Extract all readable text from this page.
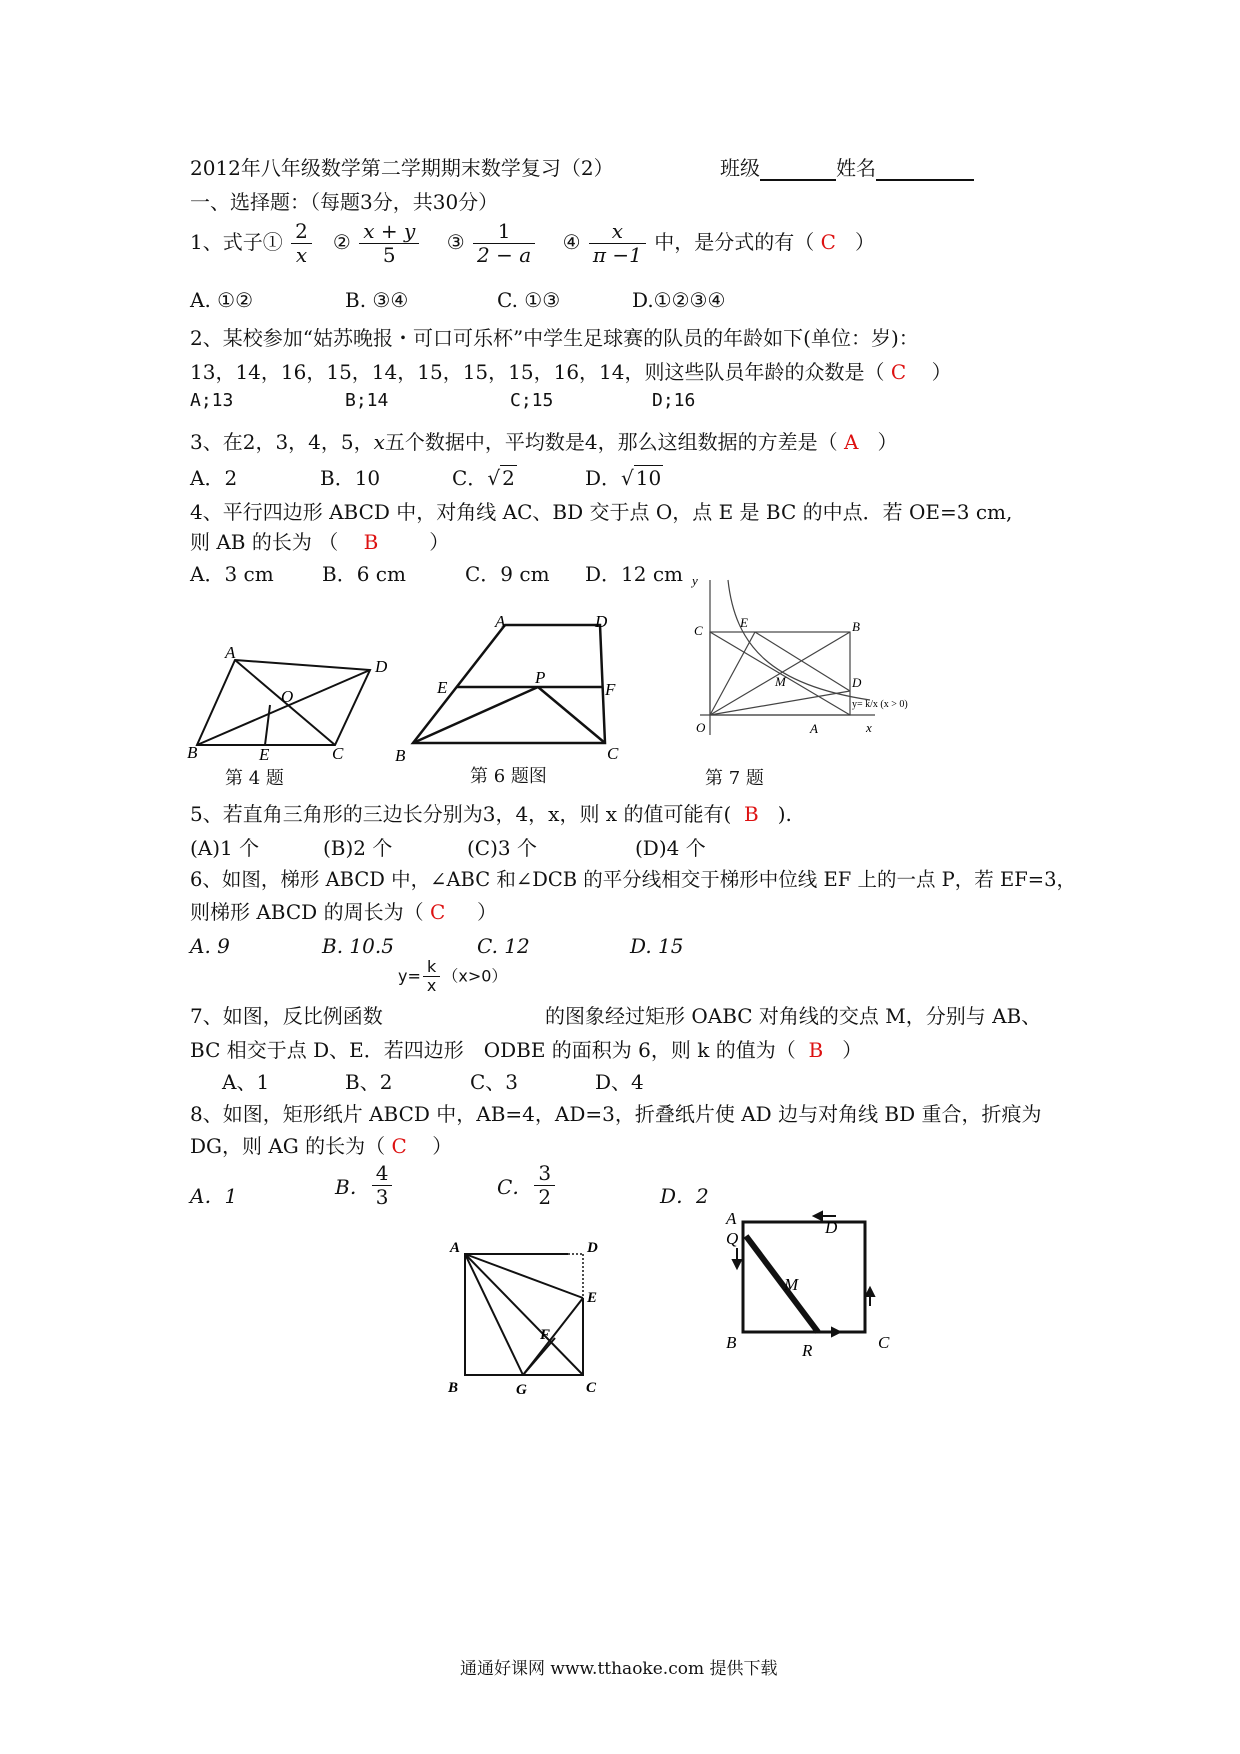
2012年八年级数学第二学期期末数学复习（2）	班级	姓名
一、选择题：（每题3分，共30分）
1、式子① $\frac{2}{x}$ ② $\frac{x + y}{5}$ ③ $\frac{1}{2 - a}$ ④ $\frac{x}{\pi -1}$ 中，是分式的有（ C ）
A. ①②	B. ③④	C. ①③	D.①②③④
2、某校参加“姑苏晚报・可口可乐杯”中学生足球赛的队员的年龄如下(单位：岁)：
13，14，16，15，14，15，15，15，16，14，则这些队员年龄的众数是（ C ）
A;13	B;14	C;15	D;16
3、在2，3，4，5，x五个数据中，平均数是4，那么这组数据的方差是（ A ）
A．2	B．10	C．√ 2	D．√ 10
4、平行四边形 ABCD 中，对角线 AC、BD 交于点 O，点 E 是 BC 的中点．若 OE=3 cm,
则 AB 的长为 （ B	）
A．3 cm B．6 cm	C．9 cm D．12 cm
A
D
O
B	E	C
第 4 题
A	D
E
P
F
B	C
第 6 题图
y
C
E	B
M	D
O	A	x
y= k/x (x > 0)
第 7 题
5、若直角三角形的三边长分别为3，4，x，则 x 的值可能有( B ).
(A)1 个	(B)2 个	(C)3 个	(D)4 个
6、如图，梯形 ABCD 中，∠ABC 和∠DCB 的平分线相交于梯形中位线 EF 上的一点 P，若 EF=3，
则梯形 ABCD 的周长为（ C ）
A. 9	B. 10.5	C. 12	D. 15
7、如图，反比例函数
$y= \frac{k}{x} (x>0)$
的图象经过矩形 OABC 对角线的交点 M，分别与 AB、
BC 相交于点 D、E．若四边形　ODBE 的面积为 6，则 k 的值为（ B ）
A、1	B、2	C、3	D、4
8、如图，矩形纸片 ABCD 中，AB=4，AD=3，折叠纸片使 AD 边与对角线 BD 重合，折痕为
DG，则 AG 的长为（ C ）
A．1	B． $\frac{4}{3}$	C． $\frac{3}{2}$	D．2
A	D
E
F
B	G	C
A	D
Q
M
B	R	C
通通好课网 www.tthaoke.com 提供下载
